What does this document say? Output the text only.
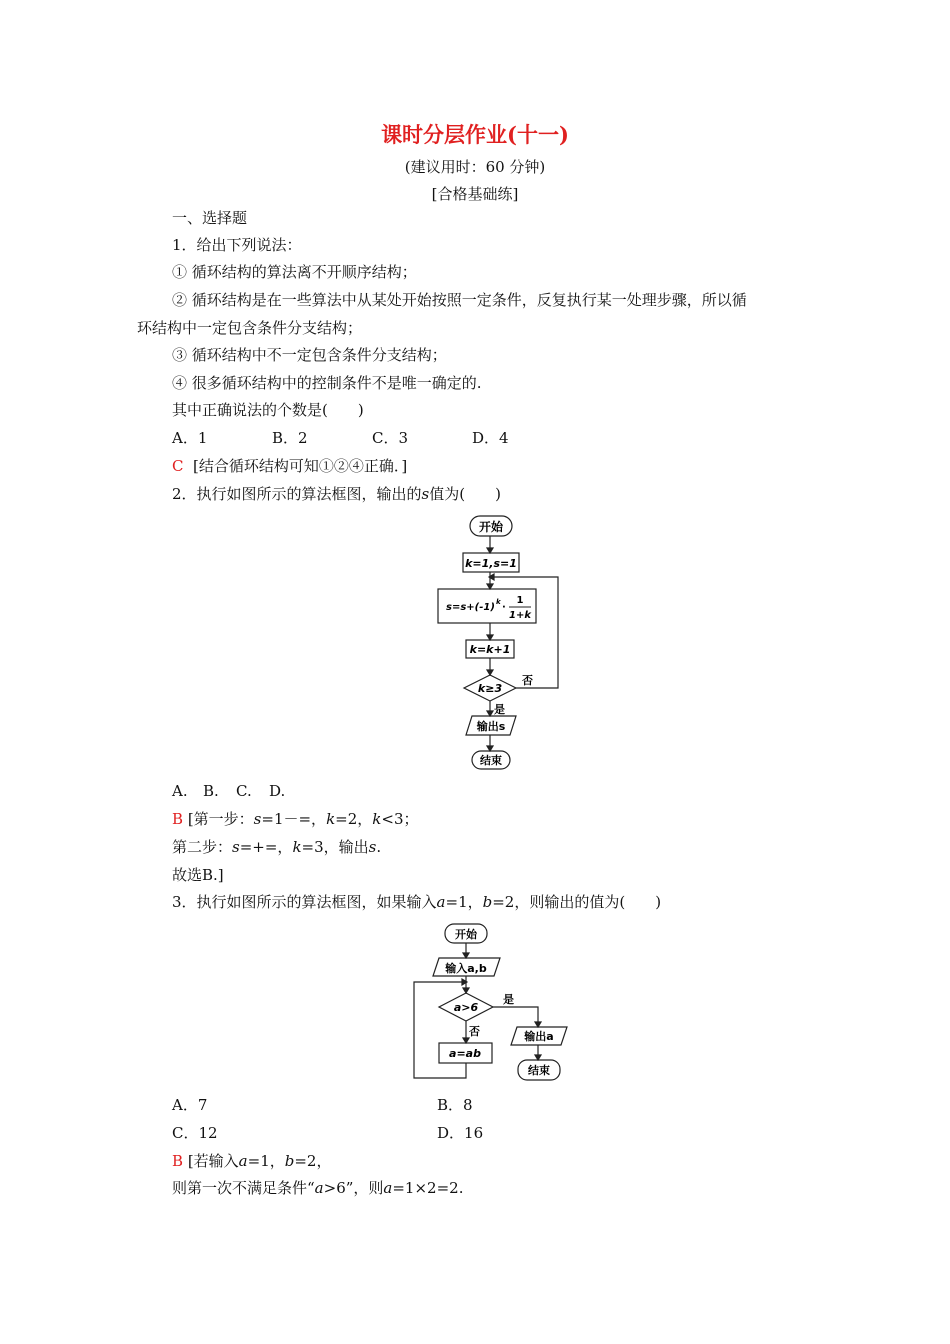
课时分层作业(十一)
(建议用时：60 分钟)
[合格基础练]
一、选择题
1．给出下列说法：
① 循环结构的算法离不开顺序结构；
② 循环结构是在一些算法中从某处开始按照一定条件，反复执行某一处理步骤，所以循
环结构中一定包含条件分支结构；
③ 循环结构中不一定包含条件分支结构；
④ 很多循环结构中的控制条件不是唯一确定的.
其中正确说法的个数是(　　)
A．1	B．2	C．3	D．4
C [结合循环结构可知①②④正确．]
2．执行如图所示的算法框图，输出的s值为(　　)
开始
k=1,s=1
s=s+(-1) k ·
1
1+k
k=k+1
k≥3
否
是
输出s
结束
A. B. C. D.
B [第一步：s=1－=，k=2，k<3；
第二步：s=+=，k=3，输出s.
故选B.]
3．执行如图所示的算法框图，如果输入a=1，b=2，则输出的值为(　　)
开始
输入a,b
a>6
是
否
a=ab
输出a
结束
A．7	B．8
C．12	D．16
B [若输入a=1，b=2，
则第一次不满足条件“a>6”，则a=1×2=2.
